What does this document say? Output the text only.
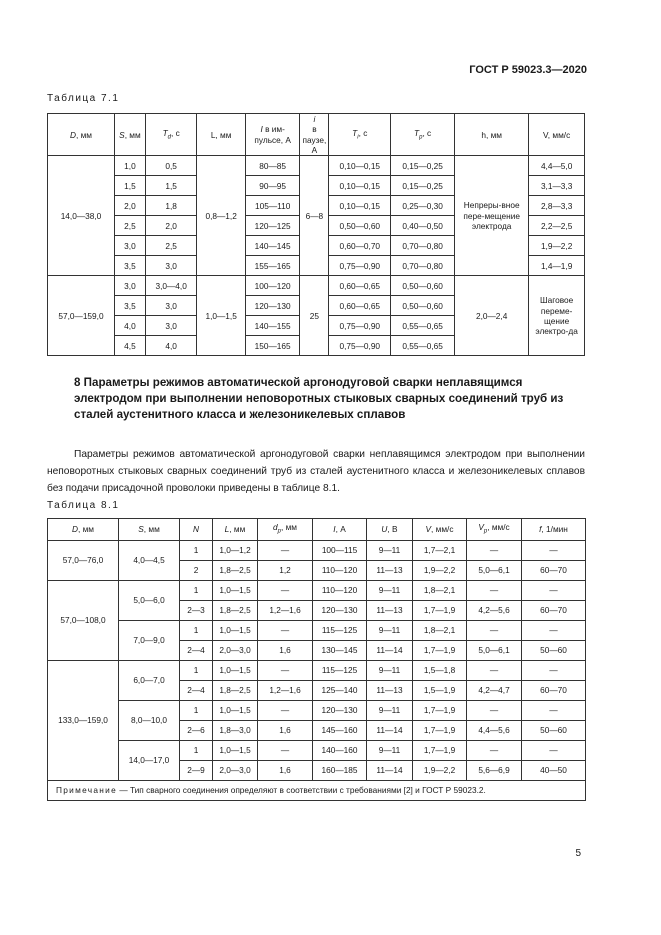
ГОСТ Р 59023.3—2020
Таблица 7.1
D, мм	S, мм	$T_d$, с	L, мм	I в им-пульсе, А	i
в паузе, А	$T_i$, с	$T_p$, с	h, мм	V, мм/с
14,0—38,0	1,0	0,5	0,8—1,2	80—85	6—8	0,10—0,15	0,15—0,25	Непреры-вное пере-мещение электрода	4,4—5,0
	1,5	1,5		90—95		0,10—0,15	0,15—0,25		3,1—3,3
	2,0	1,8		105—110		0,10—0,15	0,25—0,30		2,8—3,3
	2,5	2,0		120—125		0,50—0,60	0,40—0,50		2,2—2,5
	3,0	2,5		140—145		0,60—0,70	0,70—0,80		1,9—2,2
	3,5	3,0		155—165		0,75—0,90	0,70—0,80		1,4—1,9
57,0—159,0	3,0	3,0—4,0	1,0—1,5	100—120	25	0,60—0,65	0,50—0,60	2,0—2,4	Шаговое переме-щение электро-да
	3,5	3,0		120—130		0,60—0,65	0,50—0,60		
	4,0	3,0		140—155		0,75—0,90	0,55—0,65		
	4,5	4,0		150—165		0,75—0,90	0,55—0,65		
8 Параметры режимов автоматической аргонодуговой сварки неплавящимся электродом при выполнении неповоротных стыковых сварных соединений труб из сталей аустенитного класса и железоникелевых сплавов
Параметры режимов автоматической аргонодуговой сварки неплавящимся электродом при выполнении неповоротных стыковых сварных соединений труб из сталей аустенитного класса и железоникелевых сплавов без подачи присадочной проволоки приведены в таблице 8.1.
Таблица 8.1
D, мм	S, мм	N	L, мм	$d_p$, мм	I, А	U, В	V, мм/с	$V_p$, мм/с	f, 1/мин
57,0—76,0	4,0—4,5	1	1,0—1,2	—	100—115	9—11	1,7—2,1	—	—
		2	1,8—2,5	1,2	110—120	11—13	1,9—2,2	5,0—6,1	60—70
57,0—108,0	5,0—6,0	1	1,0—1,5	—	110—120	9—11	1,8—2,1	—	—
		2—3	1,8—2,5	1,2—1,6	120—130	11—13	1,7—1,9	4,2—5,6	60—70
	7,0—9,0	1	1,0—1,5	—	115—125	9—11	1,8—2,1	—	—
		2—4	2,0—3,0	1,6	130—145	11—14	1,7—1,9	5,0—6,1	50—60
133,0—159,0	6,0—7,0	1	1,0—1,5	—	115—125	9—11	1,5—1,8	—	—
		2—4	1,8—2,5	1,2—1,6	125—140	11—13	1,5—1,9	4,2—4,7	60—70
	8,0—10,0	1	1,0—1,5	—	120—130	9—11	1,7—1,9	—	—
		2—6	1,8—3,0	1,6	145—160	11—14	1,7—1,9	4,4—5,6	50—60
	14,0—17,0	1	1,0—1,5	—	140—160	9—11	1,7—1,9	—	—
		2—9	2,0—3,0	1,6	160—185	11—14	1,9—2,2	5,6—6,9	40—50
Примечание — Тип сварного соединения определяют в соответствии с требованиями [2] и ГОСТ Р 59023.2.									
5
